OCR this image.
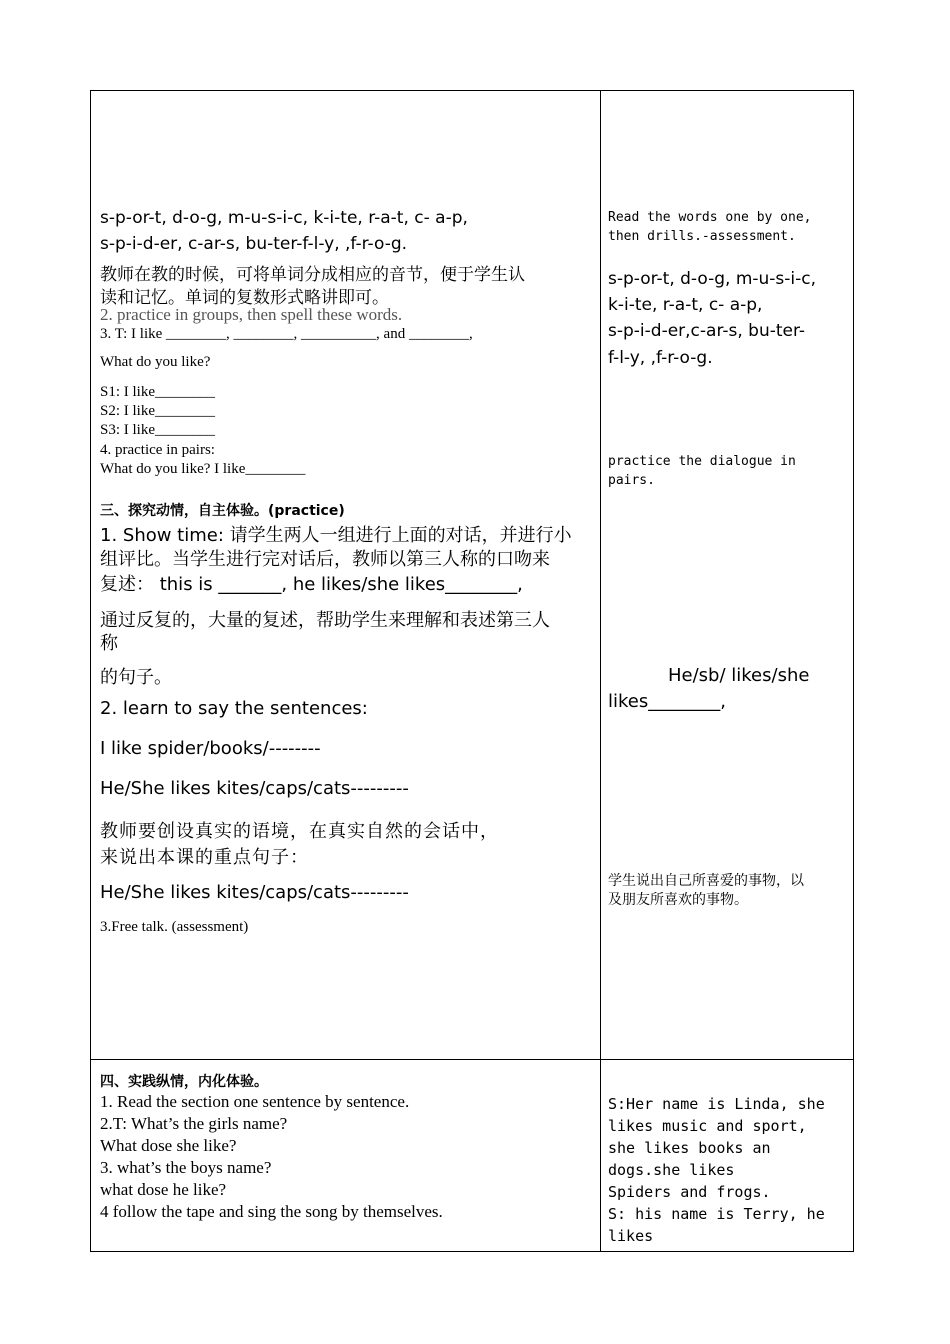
s-p-or-t, d-o-g, m-u-s-i-c, k-i-te, r-a-t, c- a-p,

s-p-i-d-er, c-ar-s, bu-ter-f-l-y, ,f-r-o-g.

教师在教的时候，可将单词分成相应的音节，便于学生认

读和记忆。单词的复数形式略讲即可。

2. practice in groups, then spell these words.

3. T: I like ________, ________, __________, and ________,

What do you like?

S1: I like________

S2: I like________

S3: I like________

4. practice in pairs:

What do you like? I like________

三、探究动情，自主体验。(practice)

1. Show time: 请学生两人一组进行上面的对话，并进行小

组评比。当学生进行完对话后，教师以第三人称的口吻来

复述： this is _______, he likes/she likes________,

通过反复的，大量的复述，帮助学生来理解和表述第三人

称

的句子。

2. learn to say the sentences:

I like spider/books/--------

He/She likes kites/caps/cats---------

教师要创设真实的语境，在真实自然的会话中，

来说出本课的重点句子：

He/She likes kites/caps/cats---------

3.Free talk. (assessment)

Read the words one by one,

then drills.-assessment.

s-p-or-t, d-o-g, m-u-s-i-c,

k-i-te, r-a-t, c- a-p,

s-p-i-d-er,c-ar-s, bu-ter-

f-l-y, ,f-r-o-g.

practice the dialogue in

pairs.

He/sb/ likes/she

likes________,

学生说出自己所喜爱的事物，以

及朋友所喜欢的事物。

四、实践纵情，内化体验。

1. Read the section one sentence by sentence.

2.T: What’s the girls name?

What dose she like?

3. what’s the boys name?

what dose he like?

4 follow the tape and sing the song by themselves.

S:Her name is Linda, she

likes music and sport,

she likes books an

dogs.she likes

Spiders and frogs.

S: his name is Terry, he

likes
